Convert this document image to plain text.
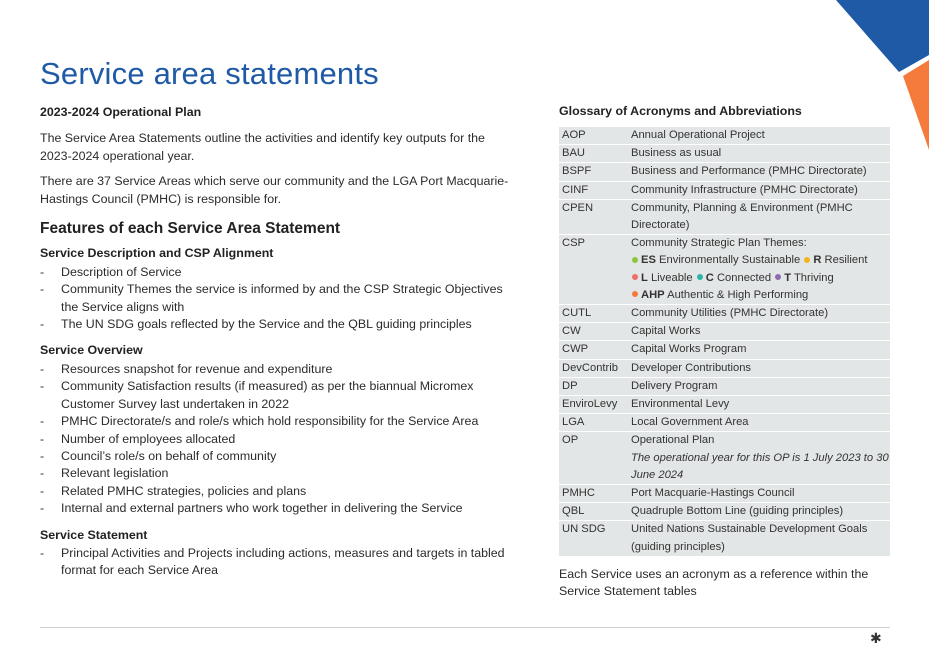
Service area statements
2023-2024 Operational Plan

The Service Area Statements outline the activities and identify key outputs for the 2023-2024 operational year.

There are 37 Service Areas which serve our community and the LGA Port Macquarie-Hastings Council (PMHC) is responsible for.

Features of each Service Area Statement
Service Description and CSP Alignment
- Description of Service
- Community Themes the service is informed by and the CSP Strategic Objectives the Service aligns with
- The UN SDG goals reflected by the Service and the QBL guiding principles
Service Overview
- Resources snapshot for revenue and expenditure
- Community Satisfaction results (if measured) as per the biannual Micromex Customer Survey last undertaken in 2022
- PMHC Directorate/s and role/s which hold responsibility for the Service Area
- Number of employees allocated
- Council’s role/s on behalf of community
- Relevant legislation
- Related PMHC strategies, policies and plans
- Internal and external partners who work together in delivering the Service
Service Statement
- Principal Activities and Projects including actions, measures and targets in tabled format for each Service Area
Glossary of Acronyms and Abbreviations
AOP	Annual Operational Project
BAU	Business as usual
BSPF	Business and Performance (PMHC Directorate)
CINF	Community Infrastructure (PMHC Directorate)
CPEN	Community, Planning & Environment (PMHC Directorate)
CSP	Community Strategic Plan Themes:
ES Environmentally Sustainable R Resilient
L Liveable C Connected T Thriving
AHP Authentic & High Performing

CUTL	Community Utilities (PMHC Directorate)
CW	Capital Works
CWP	Capital Works Program
DevContrib	Developer Contributions
DP	Delivery Program
EnviroLevy	Environmental Levy
LGA	Local Government Area
OP	Operational Plan
The operational year for this OP is 1 July 2023 to 30 June 2024

PMHC	Port Macquarie-Hastings Council
QBL	Quadruple Bottom Line (guiding principles)
UN SDG	United Nations Sustainable Development Goals (guiding principles)

Each Service uses an acronym as a reference within the Service Statement tables

✱
